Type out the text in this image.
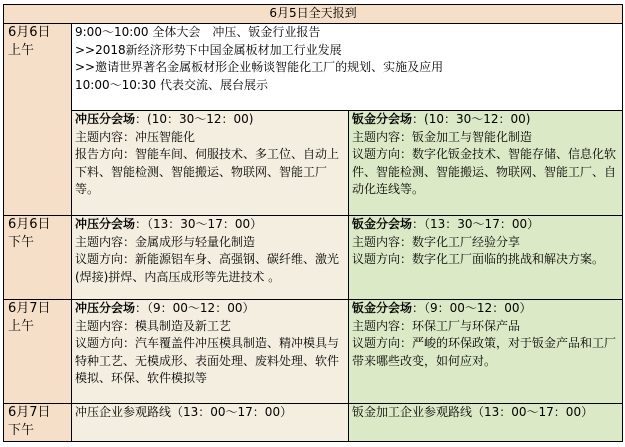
6月5日全天报到		

6月6日
上午	9:00～10:00 全体大会　冲压、钣金行业报告
>>2018新经济形势下中国金属板材加工行业发展
>>邀请世界著名金属板材形企业畅谈智能化工厂的规划、实施及应用
10:00～10:30 代表交流、展台展示	

	冲压分会场：(10：30～12：00)
主题内容：冲压智能化
报告方向：智能车间、伺服技术、多工位、自动上下料、智能检测、智能搬运、物联网、智能工厂等。	钣金分会场：(10：30～12：00)
主题内容：钣金加工与智能化制造
议题方向：数字化钣金技术、智能存储、信息化软件、智能检测、智能搬运、物联网、智能工厂、自动化连线等。

6月6日
下午	冲压分会场：（13：30～17：00）
主题内容：金属成形与轻量化制造
议题方向：新能源铝车身、高强钢、碳纤维、激光(焊接)拼焊、内高压成形等先进技术 。	钣金分会场：（13：30～17：00）
主题内容：数字化工厂经验分享
议题方向：数字化工厂面临的挑战和解决方案。

6月7日
上午	冲压分会场：（9：00～12：00）
主题内容：模具制造及新工艺
议题方向：汽车覆盖件冲压模具制造、精冲模具与特种工艺、无模成形、表面处理、废料处理、软件模拟、环保、软件模拟等	钣金分会场：（9：00～12：00）
主题内容：环保工厂与环保产品
议题方向：严峻的环保政策，对于钣金产品和工厂带来哪些改变，如何应对。

6月7日
下午	冲压企业参观路线（13：00～17：00）	钣金加工企业参观路线（13：00～17：00）
